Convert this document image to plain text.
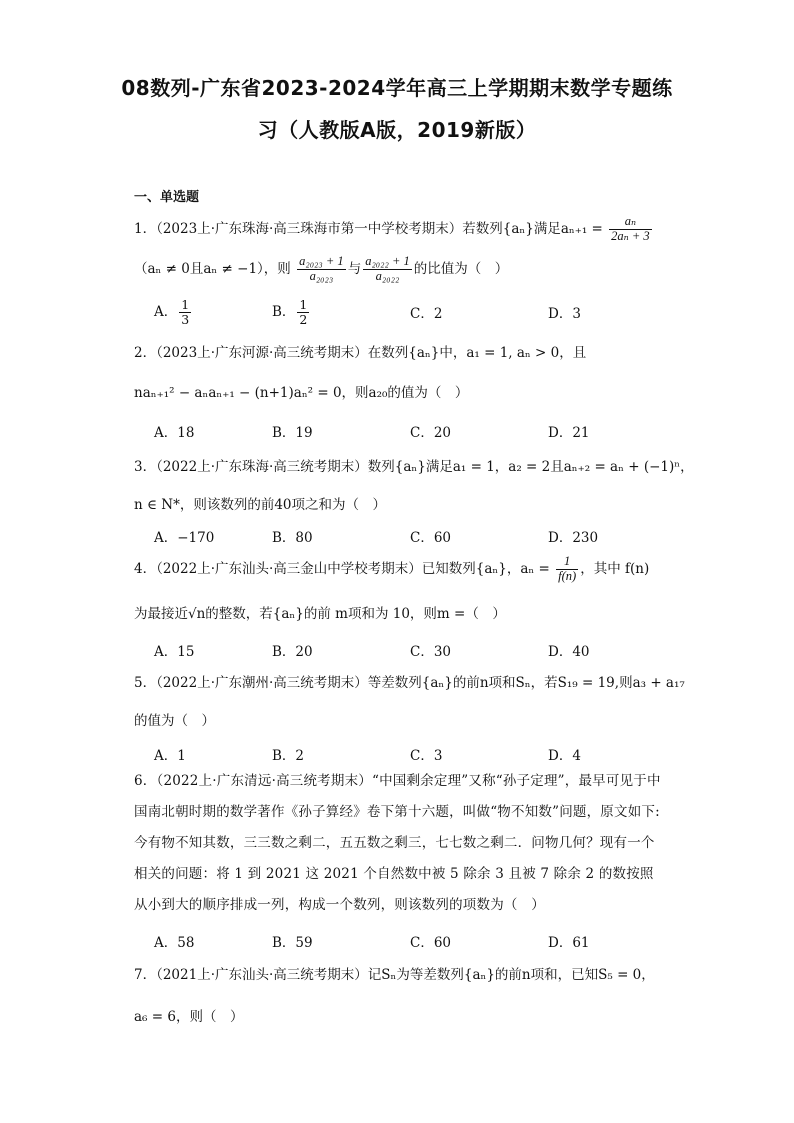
08数列-广东省2023-2024学年高三上学期期末数学专题练
习（人教版A版，2019新版）
一、单选题
1．（2023上·广东珠海·高三珠海市第一中学校考期末）若数列{aₙ}满足$a_{n+1} = \frac{\text{aₙ}}{\text{2aₙ + 3}}$
（aₙ ≠ 0且aₙ ≠ −1），则 $\frac{\text{a₂₀₂₃ + 1}}{\text{a₂₀₂₃}}$ 与 $\frac{\text{a₂₀₂₂ + 1}}{\text{a₂₀₂₂}}$ 的比值为（　）
A． $\frac{1}{3}$	B． $\frac{1}{2}$	C．2	D．3
2．（2023上·广东河源·高三统考期末）在数列{aₙ}中，a₁ = 1, aₙ > 0，且
naₙ₊₁² − aₙaₙ₊₁ − (n+1)aₙ² = 0，则a₂₀的值为（　）
A．18	B．19	C．20	D．21
3．（2022上·广东珠海·高三统考期末）数列{aₙ}满足a₁ = 1，a₂ = 2且aₙ₊₂ = aₙ + (−1)ⁿ，
n ∈ N*，则该数列的前40项之和为（　）
A．−170	B．80	C．60	D．230
4．（2022上·广东汕头·高三金山中学校考期末）已知数列{aₙ}，$a_n = \frac{1}{f(n)}$ ，其中 f(n)
为最接近√n的整数，若{aₙ}的前 m项和为 10，则m =（　）
A．15	B．20	C．30	D．40
5．（2022上·广东潮州·高三统考期末）等差数列{aₙ}的前n项和Sₙ，若S₁₉ = 19,则a₃ + a₁₇
的值为（　）
A．1	B．2	C．3	D．4
6．（2022上·广东清远·高三统考期末）“中国剩余定理”又称“孙子定理”，最早可见于中国南北朝时期的数学著作《孙子算经》卷下第十六题，叫做“物不知数”问题，原文如下:今有物不知其数，三三数之剩二，五五数之剩三，七七数之剩二．问物几何？现有一个相关的问题：将 1 到 2021 这 2021 个自然数中被 5 除余 3 且被 7 除余 2 的数按照从小到大的顺序排成一列，构成一个数列，则该数列的项数为（　）
A．58	B．59	C．60	D．61
7．（2021上·广东汕头·高三统考期末）记Sₙ为等差数列{aₙ}的前n项和，已知S₅ = 0，
a₆ = 6，则（　）
